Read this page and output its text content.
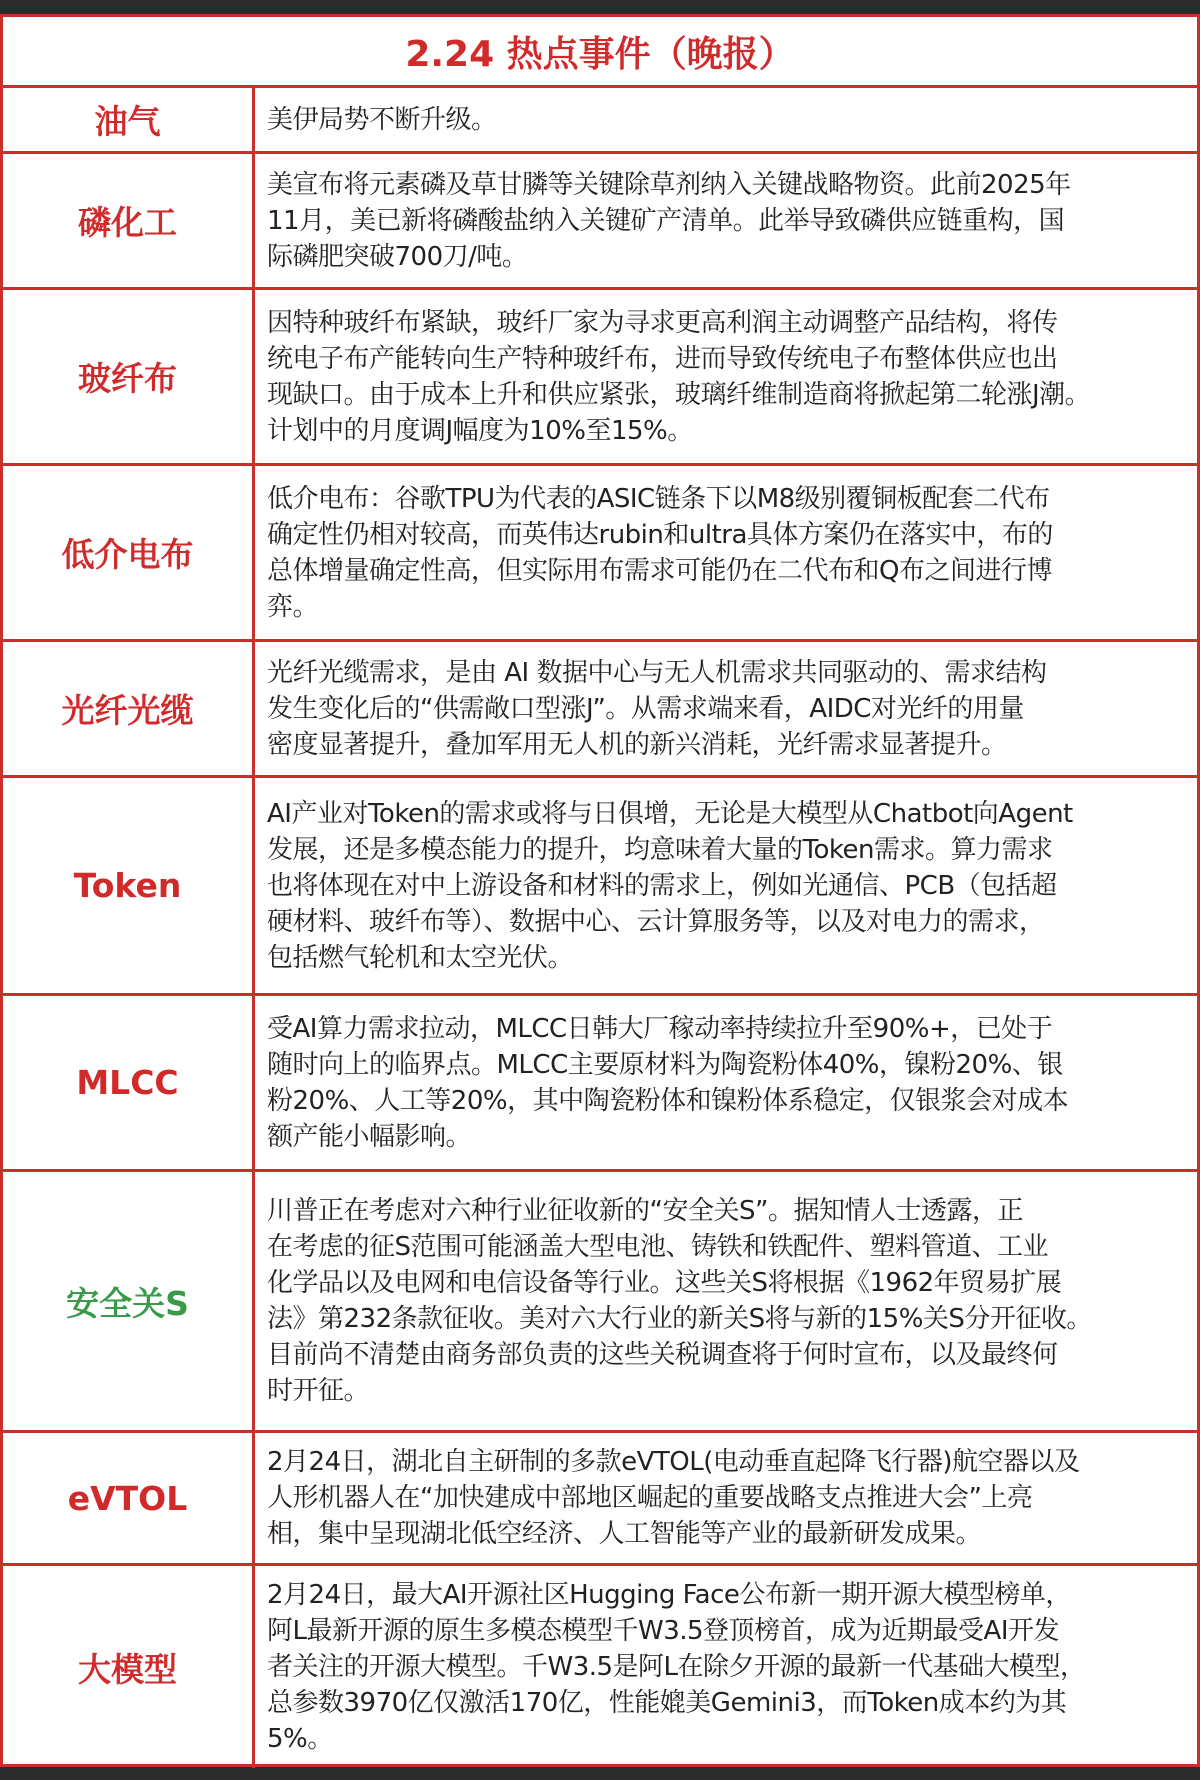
2.24 热点事件（晚报）
油气	美伊局势不断升级。
磷化工
美宣布将元素磷及草甘膦等关键除草剂纳入关键战略物资。此前2025年
11月，美已新将磷酸盐纳入关键矿产清单。此举导致磷供应链重构，国
际磷肥突破700刀/吨。
玻纤布
因特种玻纤布紧缺，玻纤厂家为寻求更高利润主动调整产品结构，将传
统电子布产能转向生产特种玻纤布，进而导致传统电子布整体供应也出
现缺口。由于成本上升和供应紧张，玻璃纤维制造商将掀起第二轮涨J潮。
计划中的月度调J幅度为10%至15%。
低介电布
低介电布：谷歌TPU为代表的ASIC链条下以M8级别覆铜板配套二代布
确定性仍相对较高，而英伟达rubin和ultra具体方案仍在落实中，布的
总体增量确定性高，但实际用布需求可能仍在二代布和Q布之间进行博
弈。
光纤光缆
光纤光缆需求，是由 AI 数据中心与无人机需求共同驱动的、需求结构
发生变化后的“供需敞口型涨J”。从需求端来看，AIDC对光纤的用量
密度显著提升，叠加军用无人机的新兴消耗，光纤需求显著提升。
Token
AI产业对Token的需求或将与日俱增，无论是大模型从Chatbot向Agent
发展，还是多模态能力的提升，均意味着大量的Token需求。算力需求
也将体现在对中上游设备和材料的需求上，例如光通信、PCB（包括超
硬材料、玻纤布等）、数据中心、云计算服务等，以及对电力的需求，
包括燃气轮机和太空光伏。
MLCC
受AI算力需求拉动，MLCC日韩大厂稼动率持续拉升至90%+，已处于
随时向上的临界点。MLCC主要原材料为陶瓷粉体40%，镍粉20%、银
粉20%、人工等20%，其中陶瓷粉体和镍粉体系稳定，仅银浆会对成本
额产能小幅影响。
安全关S
川普正在考虑对六种行业征收新的“安全关S”。据知情人士透露，正
在考虑的征S范围可能涵盖大型电池、铸铁和铁配件、塑料管道、工业
化学品以及电网和电信设备等行业。这些关S将根据《1962年贸易扩展
法》第232条款征收。美对六大行业的新关S将与新的15%关S分开征收。
目前尚不清楚由商务部负责的这些关税调查将于何时宣布，以及最终何
时开征。
eVTOL
2月24日，湖北自主研制的多款eVTOL(电动垂直起降飞行器)航空器以及
人形机器人在“加快建成中部地区崛起的重要战略支点推进大会”上亮
相，集中呈现湖北低空经济、人工智能等产业的最新研发成果。
大模型
2月24日，最大AI开源社区Hugging Face公布新一期开源大模型榜单，
阿L最新开源的原生多模态模型千W3.5登顶榜首，成为近期最受AI开发
者关注的开源大模型。千W3.5是阿L在除夕开源的最新一代基础大模型，
总参数3970亿仅激活170亿，性能媲美Gemini3，而Token成本约为其
5%。
